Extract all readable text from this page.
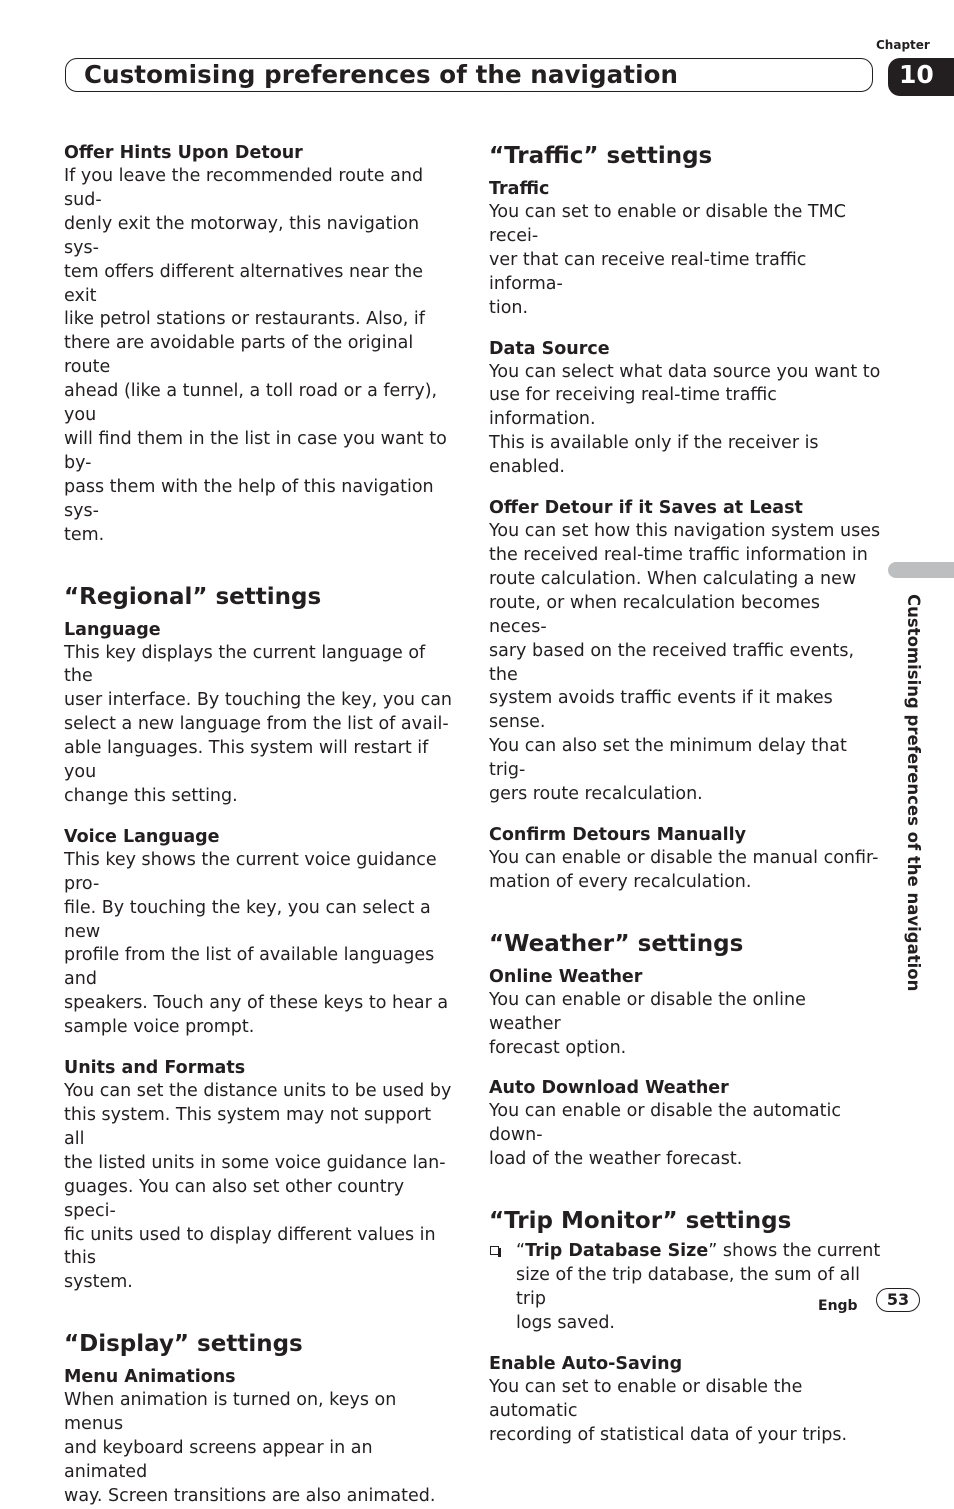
Chapter
Customising preferences of the navigation	10
Customising preferences of the navigation

Offer Hints Upon Detour

If you leave the recommended route and sud-

denly exit the motorway, this navigation sys-

tem offers different alternatives near the exit

like petrol stations or restaurants. Also, if

there are avoidable parts of the original route

ahead (like a tunnel, a toll road or a ferry), you

will find them in the list in case you want to by-

pass them with the help of this navigation sys-

tem.

“Regional” settings

Language

This key displays the current language of the

user interface. By touching the key, you can

select a new language from the list of avail-

able languages. This system will restart if you

change this setting.

Voice Language

This key shows the current voice guidance pro-

file. By touching the key, you can select a new

profile from the list of available languages and

speakers. Touch any of these keys to hear a

sample voice prompt.

Units and Formats

You can set the distance units to be used by

this system. This system may not support all

the listed units in some voice guidance lan-

guages. You can also set other country speci-

fic units used to display different values in this

system.

“Display” settings

Menu Animations

When animation is turned on, keys on menus

and keyboard screens appear in an animated

way. Screen transitions are also animated.

“Traffic” settings

Traffic

You can set to enable or disable the TMC recei-

ver that can receive real-time traffic informa-

tion.

Data Source

You can select what data source you want to

use for receiving real-time traffic information.

This is available only if the receiver is enabled.

Offer Detour if it Saves at Least

You can set how this navigation system uses

the received real-time traffic information in

route calculation. When calculating a new

route, or when recalculation becomes neces-

sary based on the received traffic events, the

system avoids traffic events if it makes sense.

You can also set the minimum delay that trig-

gers route recalculation.

Confirm Detours Manually

You can enable or disable the manual confir-

mation of every recalculation.

“Weather” settings

Online Weather

You can enable or disable the online weather

forecast option.

Auto Download Weather

You can enable or disable the automatic down-

load of the weather forecast.

“Trip Monitor” settings

“Trip Database Size” shows the current

size of the trip database, the sum of all trip

logs saved.

Enable Auto-Saving

You can set to enable or disable the automatic

recording of statistical data of your trips.

Engb	53
